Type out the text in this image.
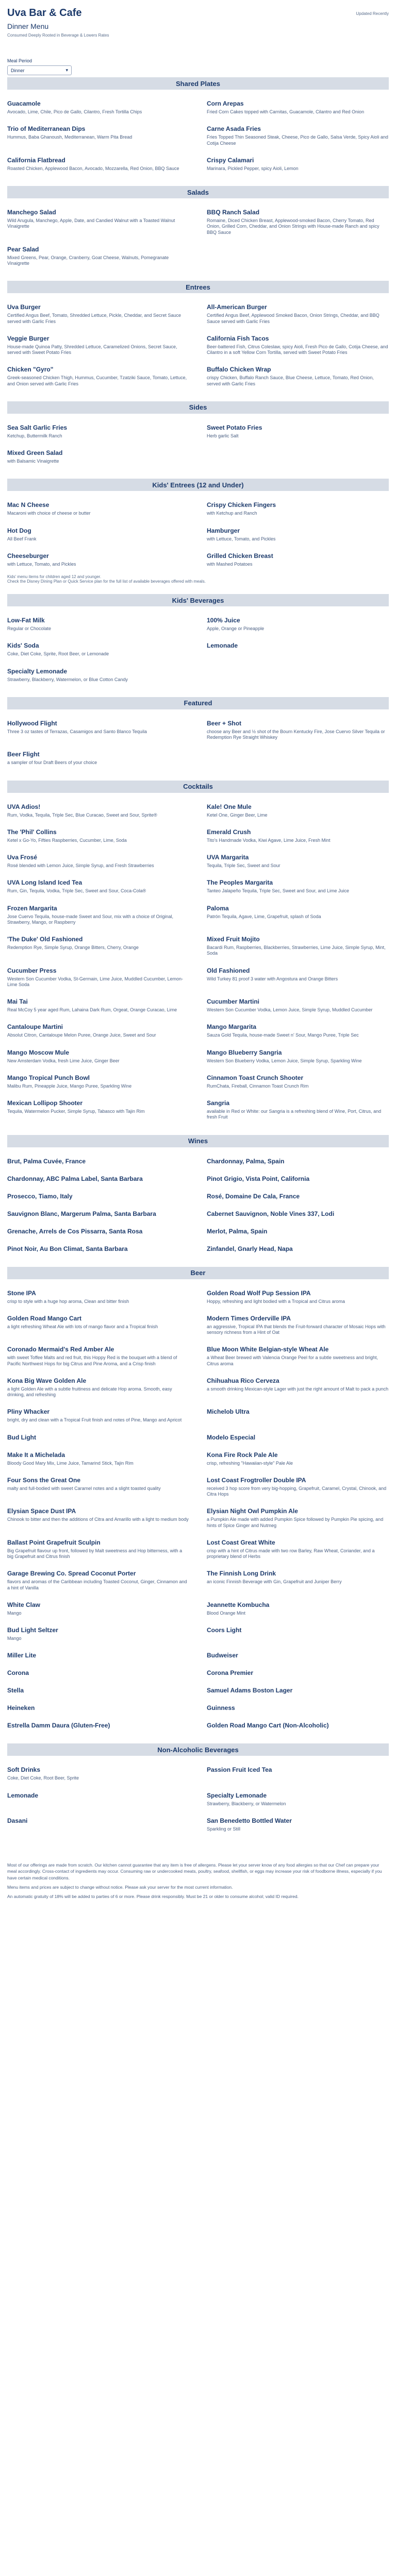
Uva Bar & Cafe
Dinner Menu
Consumed Deeply Rooted in Beverage & Lowers Rates
Updated Recently
Meal Period
Dinner	▾
Shared Plates
Guacamole
Avocado, Lime, Chile, Pico de Gallo, Cilantro, Fresh Tortilla Chips
Corn Arepas
Fried Corn Cakes topped with Carnitas, Guacamole, Cilantro and Red Onion
Trio of Mediterranean Dips
Hummus, Baba Ghanoush, Mediterranean, Warm Pita Bread
Carne Asada Fries
Fries Topped Thin Seasoned Steak, Cheese, Pico de Gallo, Salsa Verde, Spicy Aioli and Cotija Cheese
California Flatbread
Roasted Chicken, Applewood Bacon, Avocado, Mozzarella, Red Onion, BBQ Sauce
Crispy Calamari
Marinara, Pickled Pepper, spicy Aioli, Lemon
Salads
Manchego Salad
Wild Arugula, Manchego, Apple, Date, and Candied Walnut with a Toasted Walnut Vinaigrette
BBQ Ranch Salad
Romaine, Diced Chicken Breast, Applewood-smoked Bacon, Cherry Tomato, Red Onion, Grilled Corn, Cheddar, and Onion Strings with House-made Ranch and spicy BBQ Sauce
Pear Salad
Mixed Greens, Pear, Orange, Cranberry, Goat Cheese, Walnuts, Pomegranate Vinaigrette
Entrees
Uva Burger
Certified Angus Beef, Tomato, Shredded Lettuce, Pickle, Cheddar, and Secret Sauce served with Garlic Fries
All-American Burger
Certified Angus Beef, Applewood Smoked Bacon, Onion Strings, Cheddar, and BBQ Sauce served with Garlic Fries
Veggie Burger
House-made Quinoa Patty, Shredded Lettuce, Caramelized Onions, Secret Sauce, served with Sweet Potato Fries
California Fish Tacos
Beer-battered Fish, Citrus Coleslaw, spicy Aioli, Fresh Pico de Gallo, Cotija Cheese, and Cilantro in a soft Yellow Corn Tortilla, served with Sweet Potato Fries
Chicken "Gyro"
Greek-seasoned Chicken Thigh, Hummus, Cucumber, Tzatziki Sauce, Tomato, Lettuce, and Onion served with Garlic Fries
Buffalo Chicken Wrap
crispy Chicken, Buffalo Ranch Sauce, Blue Cheese, Lettuce, Tomato, Red Onion, served with Garlic Fries
Sides
Sea Salt Garlic Fries
Ketchup, Buttermilk Ranch
Sweet Potato Fries
Herb garlic Salt
Mixed Green Salad
with Balsamic Vinaigrette
Kids' Entrees (12 and Under)
Mac N Cheese
Macaroni with choice of cheese or butter
Crispy Chicken Fingers
with Ketchup and Ranch
Hot Dog
All Beef Frank
Hamburger
with Lettuce, Tomato, and Pickles
Cheeseburger
with Lettuce, Tomato, and Pickles
Grilled Chicken Breast
with Mashed Potatoes
Kids' menu items for children aged 12 and younger.
Check the Disney Dining Plan or Quick Service plan for the full list of available beverages offered with meals.
Kids' Beverages
Low-Fat Milk
Regular or Chocolate
100% Juice
Apple, Orange or Pineapple
Kids' Soda
Coke, Diet Coke, Sprite, Root Beer, or Lemonade
Lemonade
Specialty Lemonade
Strawberry, Blackberry, Watermelon, or Blue Cotton Candy
Featured
Hollywood Flight
Three 3 oz tastes of Terrazas, Casamigos and Santo Blanco Tequila
Beer + Shot
choose any Beer and ½ shot of the Bourn Kentucky Fire, Jose Cuervo Silver Tequila or Redemption Rye Straight Whiskey
Beer Flight
a sampler of four Draft Beers of your choice
Cocktails
UVA Adios!
Rum, Vodka, Tequila, Triple Sec, Blue Curacao, Sweet and Sour, Sprite®
Kale! One Mule
Ketel One, Ginger Beer, Lime
The 'Phil' Collins
Ketel x Go-Yo, Fifties Raspberries, Cucumber, Lime, Soda
Emerald Crush
Tito's Handmade Vodka, Kiwi Agave, Lime Juice, Fresh Mint
Uva Frosé
Rosé blended with Lemon Juice, Simple Syrup, and Fresh Strawberries
UVA Margarita
Tequila, Triple Sec, Sweet and Sour
UVA Long Island Iced Tea
Rum, Gin, Tequila, Vodka, Triple Sec, Sweet and Sour, Coca-Cola®
The Peoples Margarita
Tanteo Jalapeño Tequila, Triple Sec, Sweet and Sour, and Lime Juice
Frozen Margarita
Jose Cuervo Tequila, house-made Sweet and Sour, mix with a choice of Original, Strawberry, Mango, or Raspberry
Paloma
Patrón Tequila, Agave, Lime, Grapefruit, splash of Soda
'The Duke' Old Fashioned
Redemption Rye, Simple Syrup, Orange Bitters, Cherry, Orange
Mixed Fruit Mojito
Bacardi Rum, Raspberries, Blackberries, Strawberries, Lime Juice, Simple Syrup, Mint, Soda
Cucumber Press
Western Son Cucumber Vodka, St-Germain, Lime Juice, Muddled Cucumber, Lemon-Lime Soda
Old Fashioned
Wild Turkey 81 proof 3 water with Angostura and Orange Bitters
Mai Tai
Real McCoy 5 year aged Rum, Lahaina Dark Rum, Orgeat, Orange Curacao, Lime
Cucumber Martini
Western Son Cucumber Vodka, Lemon Juice, Simple Syrup, Muddled Cucumber
Cantaloupe Martini
Absolut Citron, Cantaloupe Melon Puree, Orange Juice, Sweet and Sour
Mango Margarita
Sauza Gold Tequila, house-made Sweet n' Sour, Mango Puree, Triple Sec
Mango Moscow Mule
New Amsterdam Vodka, fresh Lime Juice, Ginger Beer
Mango Blueberry Sangria
Western Son Blueberry Vodka, Lemon Juice, Simple Syrup, Sparkling Wine
Mango Tropical Punch Bowl
Malibu Rum, Pineapple Juice, Mango Puree, Sparkling Wine
Cinnamon Toast Crunch Shooter
RumChata, Fireball, Cinnamon Toast Crunch Rim
Mexican Lollipop Shooter
Tequila, Watermelon Pucker, Simple Syrup, Tabasco with Tajin Rim
Sangria
available in Red or White: our Sangria is a refreshing blend of Wine, Port, Citrus, and fresh Fruit
Wines
Brut, Palma Cuvée, France	Chardonnay, Palma, Spain
Chardonnay, ABC Palma Label, Santa Barbara	Pinot Grigio, Vista Point, California
Prosecco, Tiamo, Italy	Rosé, Domaine De Cala, France
Sauvignon Blanc, Margerum Palma, Santa Barbara	Cabernet Sauvignon, Noble Vines 337, Lodi
Grenache, Arrels de Cos Pissarra, Santa Rosa	Merlot, Palma, Spain
Pinot Noir, Au Bon Climat, Santa Barbara	Zinfandel, Gnarly Head, Napa
Beer
Stone IPA
crisp to style with a huge hop aroma, Clean and bitter finish
Golden Road Wolf Pup Session IPA
Hoppy, refreshing and light bodied with a Tropical and Citrus aroma
Golden Road Mango Cart
a light refreshing Wheat Ale with lots of mango flavor and a Tropical finish
Modern Times Orderville IPA
an aggressive, Tropical IPA that blends the Fruit-forward character of Mosaic Hops with sensory richness from a Hint of Oat
Coronado Mermaid's Red Amber Ale
with sweet Toffee Malts and red fruit, this Hoppy Red is the bouquet with a blend of Pacific Northwest Hops for big Citrus and Pine Aroma, and a Crisp finish
Blue Moon White Belgian-style Wheat Ale
a Wheat Beer brewed with Valencia Orange Peel for a subtle sweetness and bright, Citrus aroma
Kona Big Wave Golden Ale
a light Golden Ale with a subtle fruitiness and delicate Hop aroma. Smooth, easy drinking, and refreshing
Chihuahua Rico Cerveza
a smooth drinking Mexican-style Lager with just the right amount of Malt to pack a punch
Pliny Whacker
bright, dry and clean with a Tropical Fruit finish and notes of Pine, Mango and Apricot
Michelob Ultra
Bud Light	Modelo Especial
Make It a Michelada
Bloody Good Mary Mix, Lime Juice, Tamarind Stick, Tajin Rim
Kona Fire Rock Pale Ale
crisp, refreshing "Hawaiian-style" Pale Ale
Four Sons the Great One
malty and full-bodied with sweet Caramel notes and a slight toasted quality
Lost Coast Frogtroller Double IPA
received 3 hop score from very big-hopping, Grapefruit, Caramel, Crystal, Chinook, and Citra Hops
Elysian Space Dust IPA
Chinook to bitter and then the additions of Citra and Amarillo with a light to medium body
Elysian Night Owl Pumpkin Ale
a Pumpkin Ale made with added Pumpkin Spice followed by Pumpkin Pie spicing, and hints of Spice Ginger and Nutmeg
Ballast Point Grapefruit Sculpin
Big Grapefruit flavour up front, followed by Malt sweetness and Hop bitterness, with a big Grapefruit and Citrus finish
Lost Coast Great White
crisp with a hint of Citrus made with two row Barley, Raw Wheat, Coriander, and a proprietary blend of Herbs
Garage Brewing Co. Spread Coconut Porter
flavors and aromas of the Caribbean including Toasted Coconut, Ginger, Cinnamon and a hint of Vanilla
The Finnish Long Drink
an iconic Finnish Beverage with Gin, Grapefruit and Juniper Berry
White Claw
Mango
Jeannette Kombucha
Blood Orange Mint
Bud Light Seltzer
Mango
Coors Light
Miller Lite	Budweiser
Corona	Corona Premier
Stella	Samuel Adams Boston Lager
Heineken	Guinness
Estrella Damm Daura (Gluten-Free)	Golden Road Mango Cart (Non-Alcoholic)
Non-Alcoholic Beverages
Soft Drinks
Coke, Diet Coke, Root Beer, Sprite
Passion Fruit Iced Tea
Lemonade	Specialty Lemonade
Strawberry, Blackberry, or Watermelon
Dasani	San Benedetto Bottled Water
Sparkling or Still

Most of our offerings are made from scratch. Our kitchen cannot guarantee that any item is free of allergens. Please let your server know of any food allergies so that our Chef can prepare your meal accordingly. Cross-contact of ingredients may occur. Consuming raw or undercooked meats, poultry, seafood, shellfish, or eggs may increase your risk of foodborne illness, especially if you have certain medical conditions.

Menu items and prices are subject to change without notice. Please ask your server for the most current information.

An automatic gratuity of 18% will be added to parties of 6 or more. Please drink responsibly. Must be 21 or older to consume alcohol; valid ID required.
